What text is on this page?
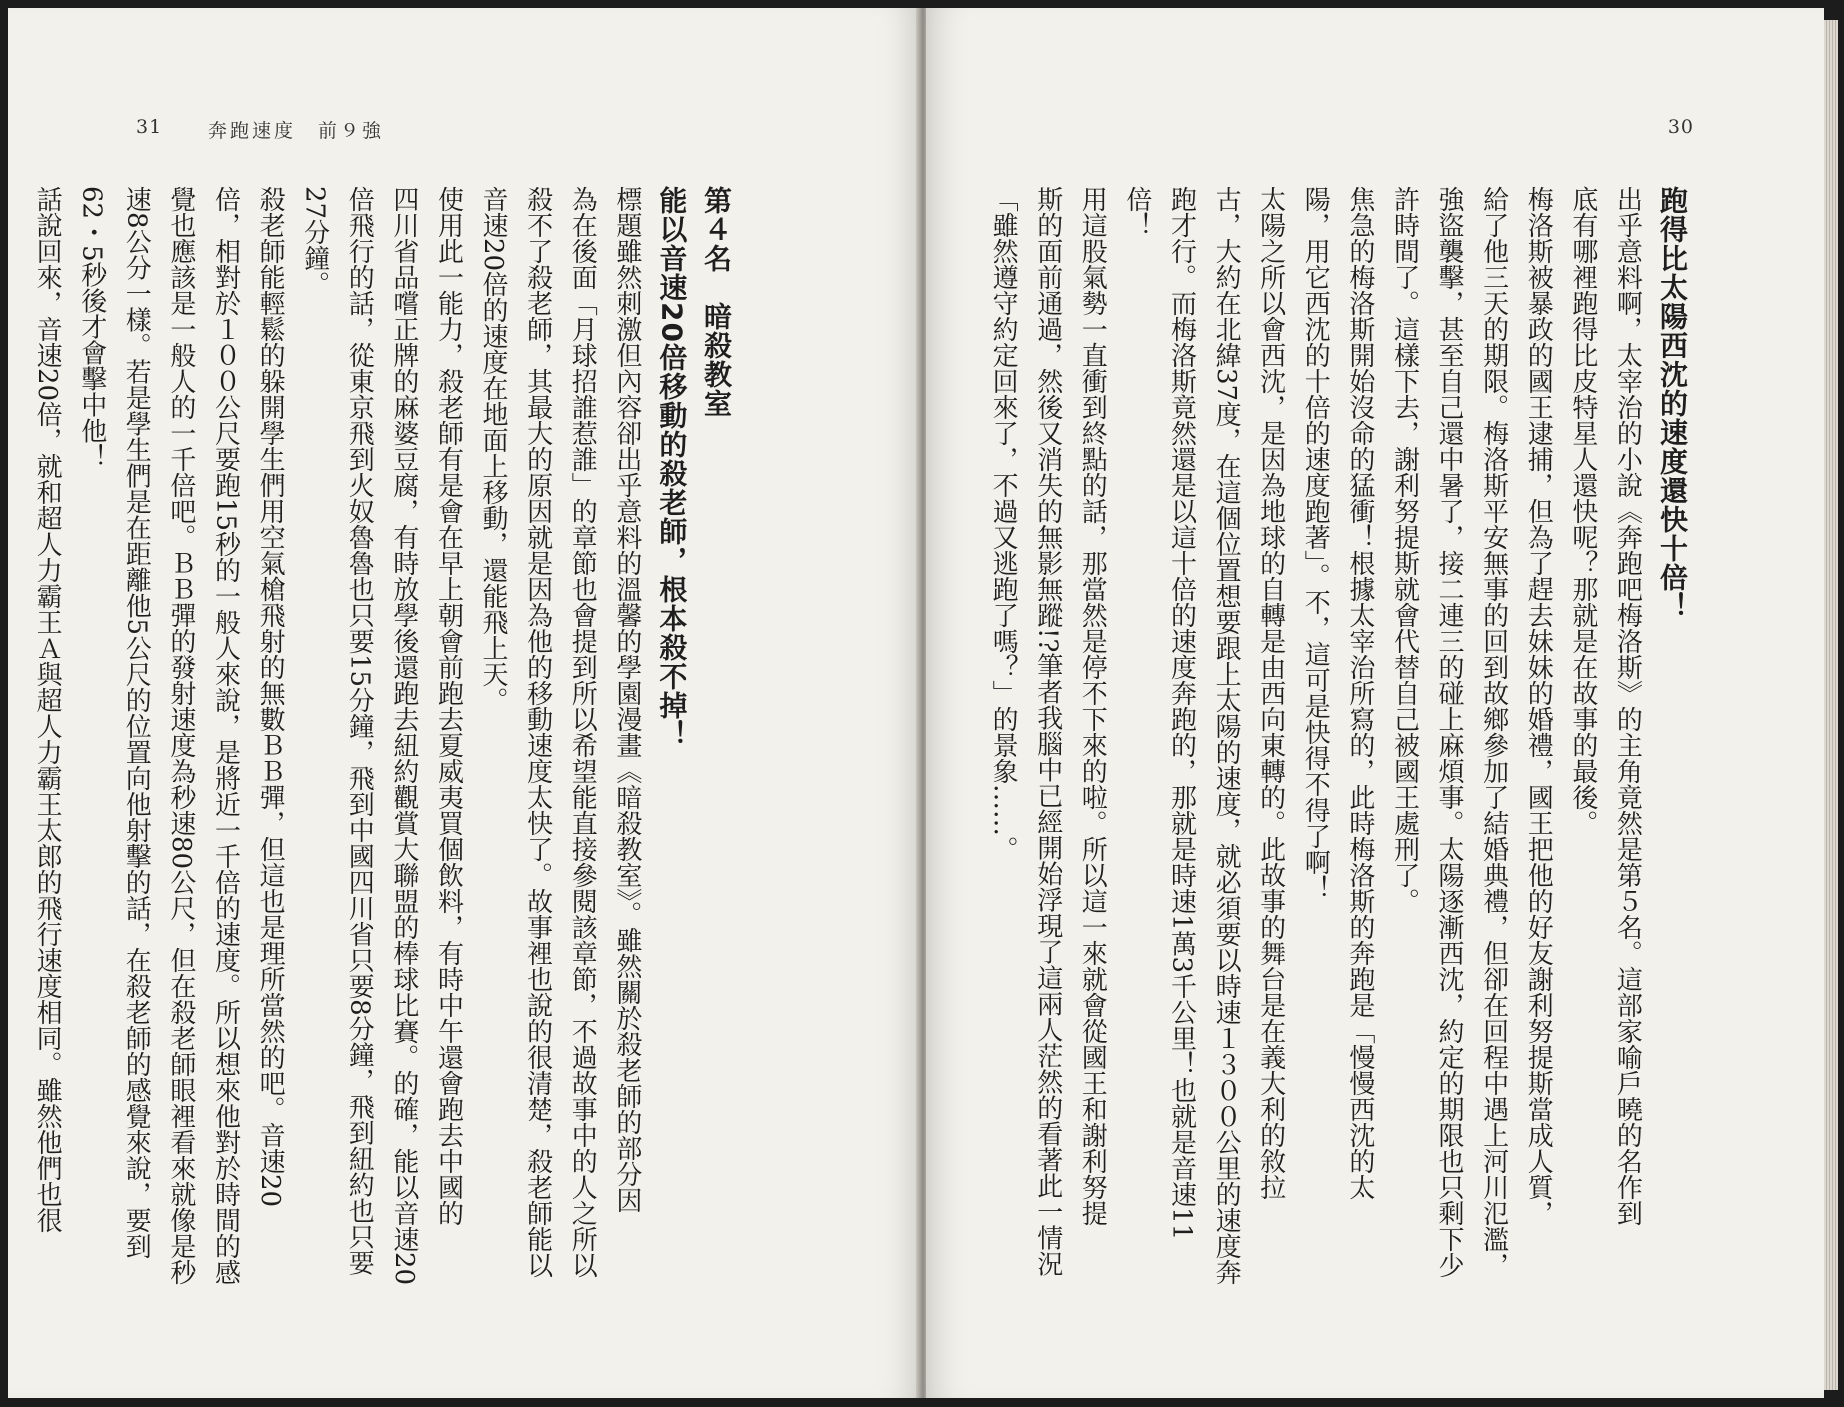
31 奔跑速度　前９強

第４名　暗殺教室

能以音速20倍移動的殺老師，根本殺不掉！

標題雖然刺激但內容卻出乎意料的溫馨的學園漫畫《暗殺教室》。雖然關於殺老師的部分因

為在後面「月球招誰惹誰」的章節也會提到所以希望能直接參閱該章節，不過故事中的人之所以

殺不了殺老師，其最大的原因就是因為他的移動速度太快了。故事裡也說的很清楚，殺老師能以

音速20倍的速度在地面上移動，還能飛上天。

使用此一能力，殺老師有是會在早上朝會前跑去夏威夷買個飲料，有時中午還會跑去中國的

四川省品嚐正牌的麻婆豆腐，有時放學後還跑去紐約觀賞大聯盟的棒球比賽。的確，能以音速20

倍飛行的話，從東京飛到火奴魯魯也只要15分鐘，飛到中國四川省只要8分鐘，飛到紐約也只要

27分鐘。

殺老師能輕鬆的躲開學生們用空氣槍飛射的無數ＢＢ彈，但這也是理所當然的吧。音速20

倍，相對於１００公尺要跑15秒的一般人來說，是將近一千倍的速度。所以想來他對於時間的感

覺也應該是一般人的一千倍吧。ＢＢ彈的發射速度為秒速80公尺，但在殺老師眼裡看來就像是秒

速8公分一樣。若是學生們是在距離他5公尺的位置向他射擊的話，在殺老師的感覺來說，要到

62・5秒後才會擊中他！

話說回來，音速20倍，就和超人力霸王Ａ與超人力霸王太郎的飛行速度相同。雖然他們也很

30

跑得比太陽西沈的速度還快十倍！

出乎意料啊，太宰治的小說《奔跑吧梅洛斯》的主角竟然是第５名。這部家喻戶曉的名作到

底有哪裡跑得比皮特星人還快呢？那就是在故事的最後。

梅洛斯被暴政的國王逮捕，但為了趕去妹妹的婚禮，國王把他的好友謝利努提斯當成人質，

給了他三天的期限。梅洛斯平安無事的回到故鄉參加了結婚典禮，但卻在回程中遇上河川氾濫，

強盜襲擊，甚至自己還中暑了，接二連三的碰上麻煩事。太陽逐漸西沈，約定的期限也只剩下少

許時間了。這樣下去，謝利努提斯就會代替自己被國王處刑了。

焦急的梅洛斯開始沒命的猛衝！根據太宰治所寫的，此時梅洛斯的奔跑是「慢慢西沈的太

陽，用它西沈的十倍的速度跑著」。不，這可是快得不得了啊！

太陽之所以會西沈，是因為地球的自轉是由西向東轉的。此故事的舞台是在義大利的敘拉

古，大約在北緯37度，在這個位置想要跟上太陽的速度，就必須要以時速１３００公里的速度奔

跑才行。而梅洛斯竟然還是以這十倍的速度奔跑的，那就是時速1萬3千公里！也就是音速11

倍！

用這股氣勢一直衝到終點的話，那當然是停不下來的啦。所以這一來就會從國王和謝利努提

斯的面前通過，然後又消失的無影無蹤!?筆者我腦中已經開始浮現了這兩人茫然的看著此一情況

「雖然遵守約定回來了，不過又逃跑了嗎？」的景象……。
